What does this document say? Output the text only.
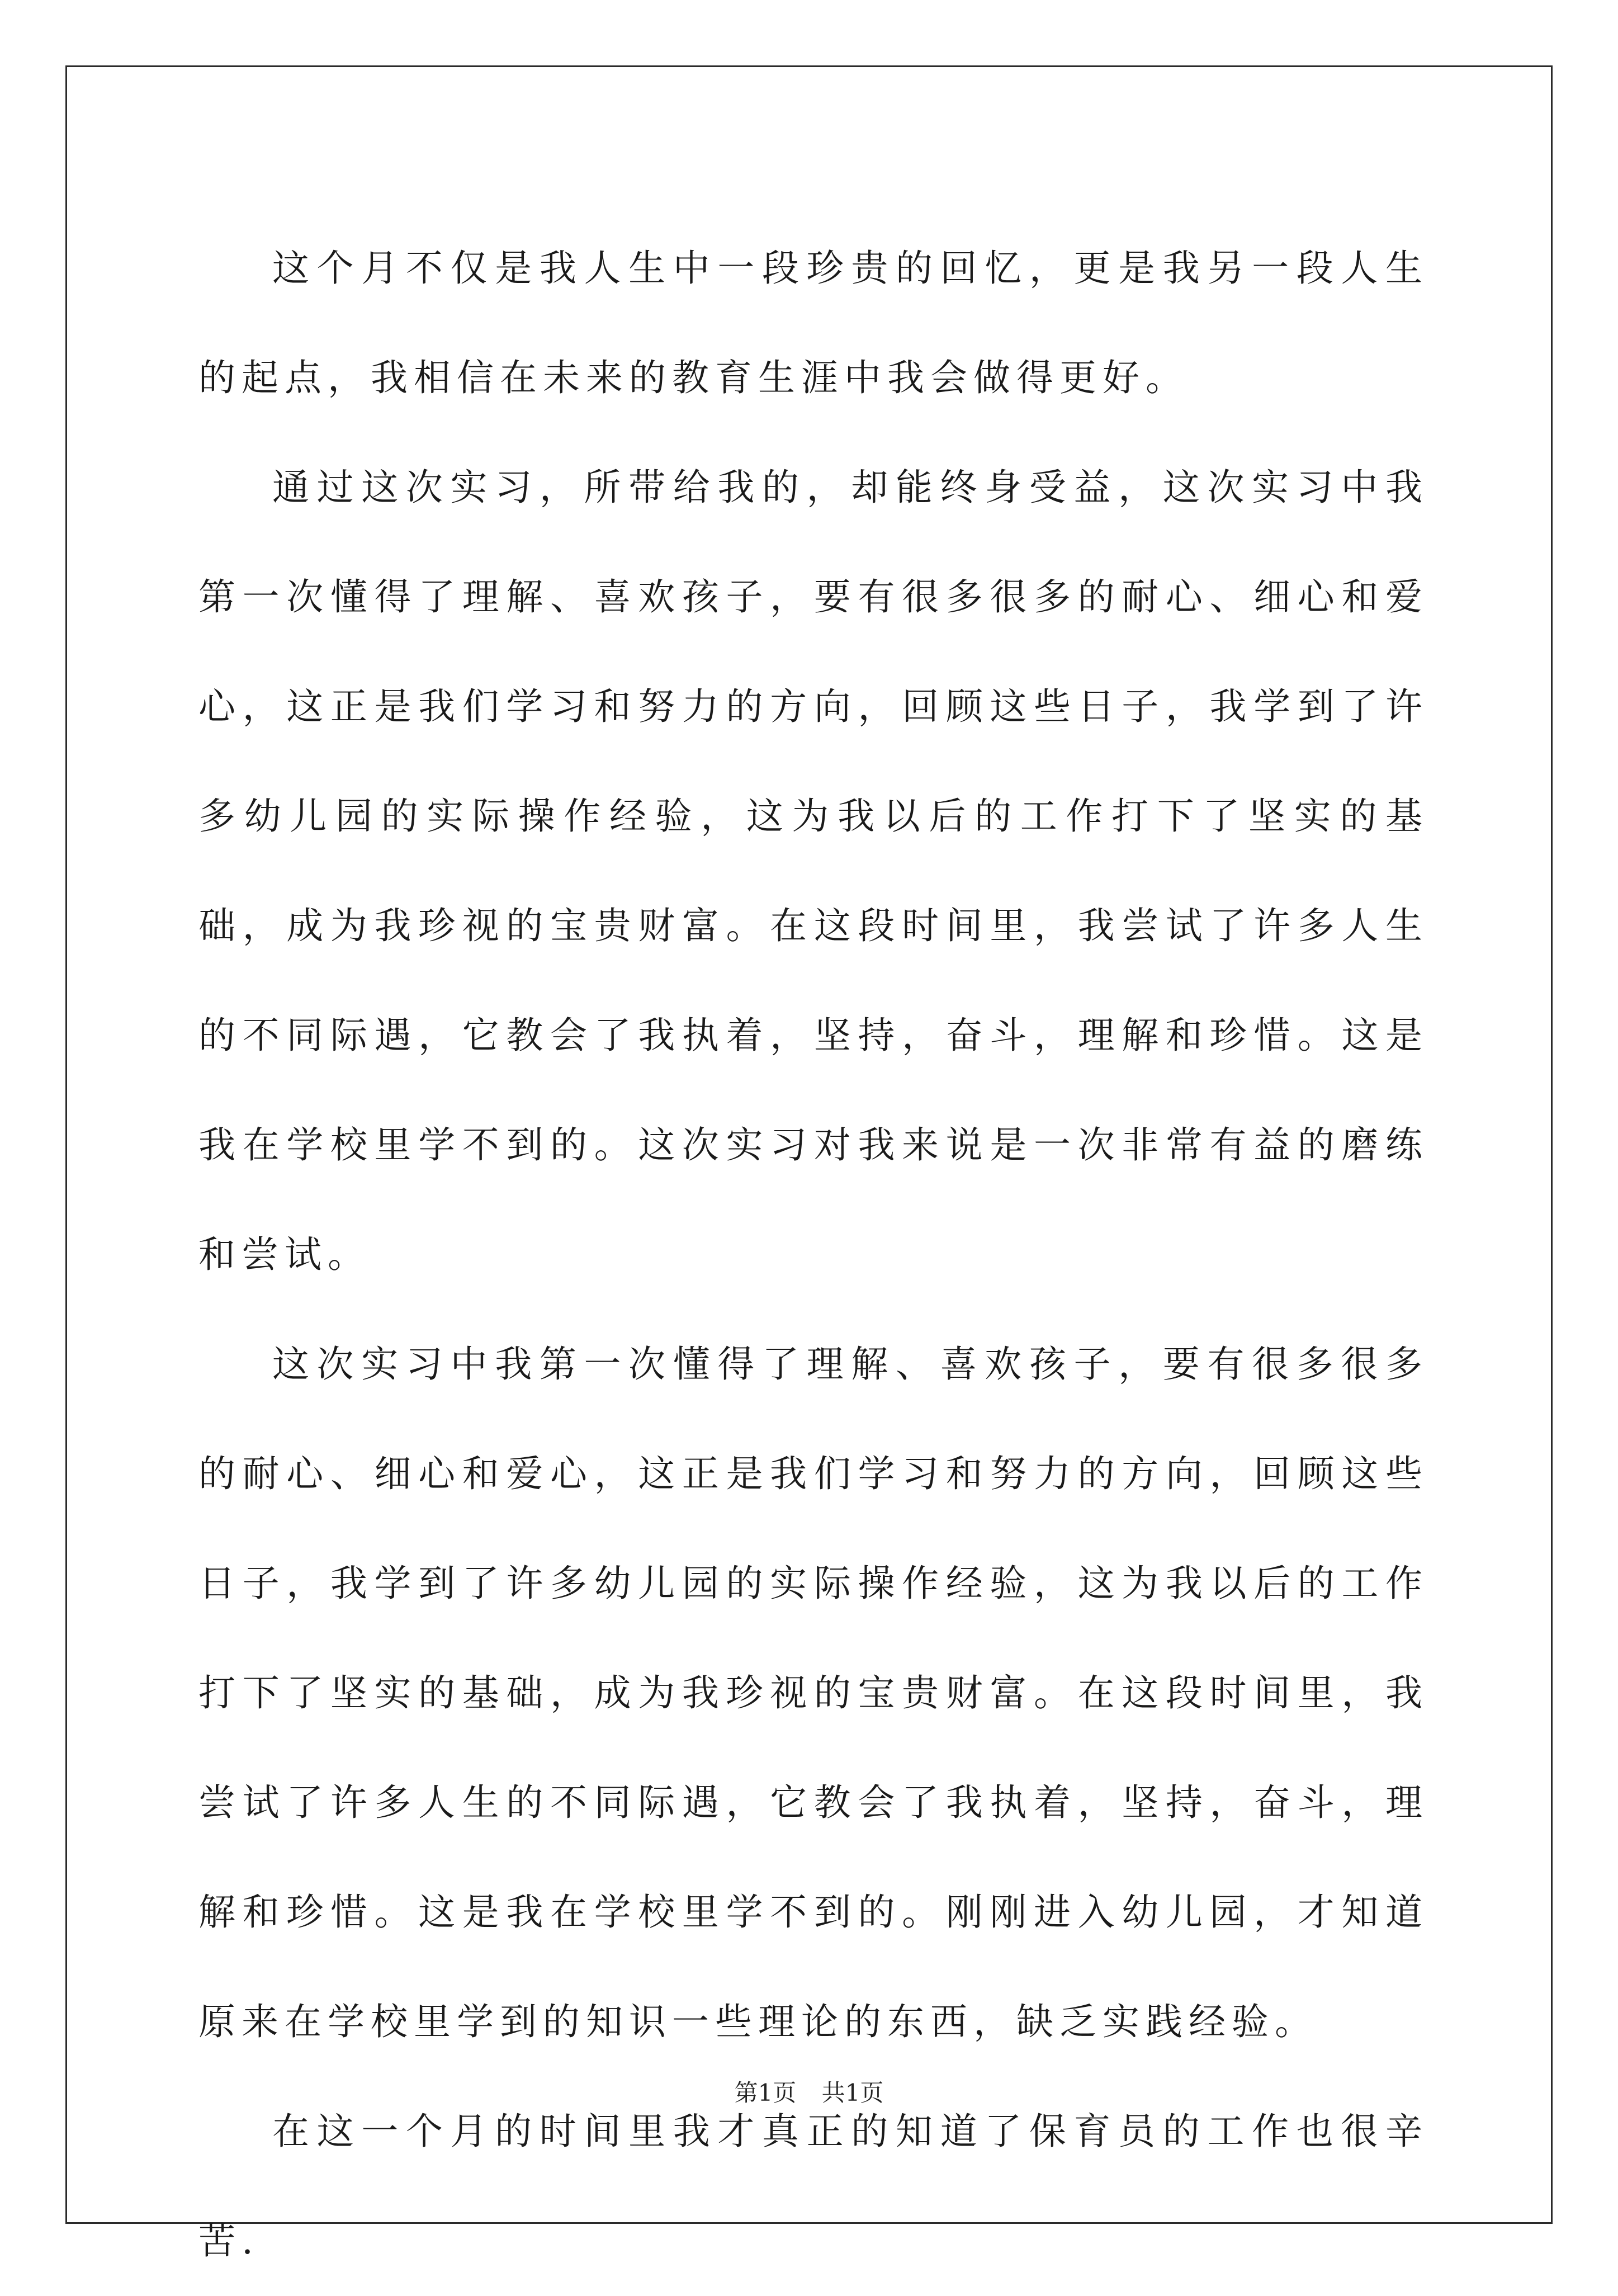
这个月不仅是我人生中一段珍贵的回忆，更是我另一段人生的起点，我相信在未来的教育生涯中我会做得更好。

通过这次实习，所带给我的，却能终身受益，这次实习中我第一次懂得了理解、喜欢孩子，要有很多很多的耐心、细心和爱心，这正是我们学习和努力的方向，回顾这些日子，我学到了许多幼儿园的实际操作经验，这为我以后的工作打下了坚实的基础，成为我珍视的宝贵财富。在这段时间里，我尝试了许多人生的不同际遇，它教会了我执着，坚持，奋斗，理解和珍惜。这是我在学校里学不到的。这次实习对我来说是一次非常有益的磨练和尝试。

这次实习中我第一次懂得了理解、喜欢孩子，要有很多很多的耐心、细心和爱心，这正是我们学习和努力的方向，回顾这些日子，我学到了许多幼儿园的实际操作经验，这为我以后的工作打下了坚实的基础，成为我珍视的宝贵财富。在这段时间里，我尝试了许多人生的不同际遇，它教会了我执着，坚持，奋斗，理解和珍惜。这是我在学校里学不到的。刚刚进入幼儿园，才知道原来在学校里学到的知识一些理论的东西，缺乏实践经验。

在这一个月的时间里我才真正的知道了保育员的工作也很辛苦.

第1页 共1页
